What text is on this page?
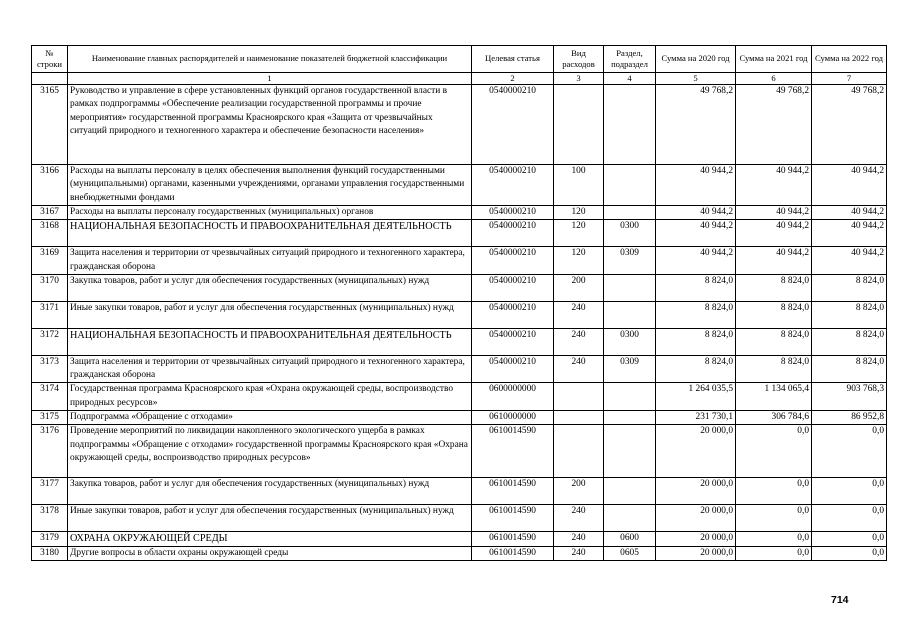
№ строки	Наименование главных распорядителей и наименование показателей бюджетной классификации	Целевая статья	Вид расходов	Раздел, подраздел	Сумма на 2020 год	Сумма на 2021 год	Сумма на 2022 год
	1	2	3	4	5	6	7
3165	Руководство и управление в сфере установленных функций органов государственной власти в рамках подпрограммы «Обеспечение реализации государственной программы и прочие мероприятия» государственной программы Красноярского края «Защита от чрезвычайных ситуаций природного и техногенного характера и обеспечение безопасности населения»	0540000210			49 768,2	49 768,2	49 768,2
3166	Расходы на выплаты персоналу в целях обеспечения выполнения функций государственными (муниципальными) органами, казенными учреждениями, органами управления государственными внебюджетными фондами	0540000210	100		40 944,2	40 944,2	40 944,2
3167	Расходы на выплаты персоналу государственных (муниципальных) органов	0540000210	120		40 944,2	40 944,2	40 944,2
3168	НАЦИОНАЛЬНАЯ БЕЗОПАСНОСТЬ И ПРАВООХРАНИТЕЛЬНАЯ ДЕЯТЕЛЬНОСТЬ	0540000210	120	0300	40 944,2	40 944,2	40 944,2
3169	Защита населения и территории от чрезвычайных ситуаций природного и техногенного характера, гражданская оборона	0540000210	120	0309	40 944,2	40 944,2	40 944,2
3170	Закупка товаров, работ и услуг для обеспечения государственных (муниципальных) нужд	0540000210	200		8 824,0	8 824,0	8 824,0
3171	Иные закупки товаров, работ и услуг для обеспечения государственных (муниципальных) нужд	0540000210	240		8 824,0	8 824,0	8 824,0
3172	НАЦИОНАЛЬНАЯ БЕЗОПАСНОСТЬ И ПРАВООХРАНИТЕЛЬНАЯ ДЕЯТЕЛЬНОСТЬ	0540000210	240	0300	8 824,0	8 824,0	8 824,0
3173	Защита населения и территории от чрезвычайных ситуаций природного и техногенного характера, гражданская оборона	0540000210	240	0309	8 824,0	8 824,0	8 824,0
3174	Государственная программа Красноярского края «Охрана окружающей среды, воспроизводство природных ресурсов»	0600000000			1 264 035,5	1 134 065,4	903 768,3
3175	Подпрограмма «Обращение с отходами»	0610000000			231 730,1	306 784,6	86 952,8
3176	Проведение мероприятий по ликвидации накопленного экологического ущерба в рамках подпрограммы «Обращение с отходами» государственной программы Красноярского края «Охрана окружающей среды, воспроизводство природных ресурсов»	0610014590			20 000,0	0,0	0,0
3177	Закупка товаров, работ и услуг для обеспечения государственных (муниципальных) нужд	0610014590	200		20 000,0	0,0	0,0
3178	Иные закупки товаров, работ и услуг для обеспечения государственных (муниципальных) нужд	0610014590	240		20 000,0	0,0	0,0
3179	ОХРАНА ОКРУЖАЮЩЕЙ СРЕДЫ	0610014590	240	0600	20 000,0	0,0	0,0
3180	Другие вопросы в области охраны окружающей среды	0610014590	240	0605	20 000,0	0,0	0,0
714
